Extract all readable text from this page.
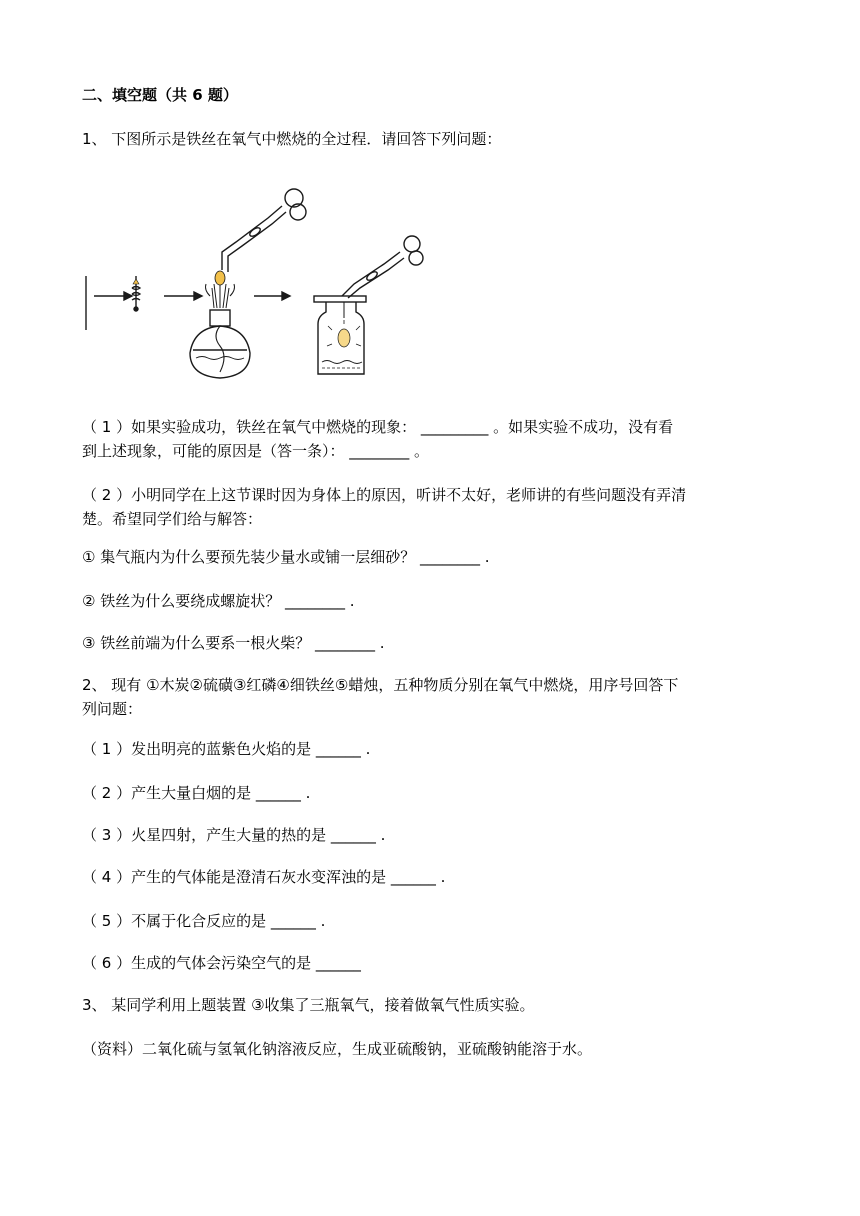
二、填空题（共 6 题）
1、 下图所示是铁丝在氧气中燃烧的全过程．请回答下列问题：
（ 1 ）如果实验成功，铁丝在氧气中燃烧的现象： _________ 。如果实验不成功，没有看
到上述现象，可能的原因是（答一条）： ________ 。
（ 2 ）小明同学在上这节课时因为身体上的原因，听讲不太好，老师讲的有些问题没有弄清
楚。希望同学们给与解答：
① 集气瓶内为什么要预先装少量水或铺一层细砂？ ________ .
② 铁丝为什么要绕成螺旋状？ ________ .
③ 铁丝前端为什么要系一根火柴？ ________ .
2、 现有 ①木炭②硫磺③红磷④细铁丝⑤蜡烛，五种物质分别在氧气中燃烧，用序号回答下
列问题：
（ 1 ）发出明亮的蓝紫色火焰的是 ______ .
（ 2 ）产生大量白烟的是 ______ .
（ 3 ）火星四射，产生大量的热的是 ______ .
（ 4 ）产生的气体能是澄清石灰水变浑浊的是 ______ .
（ 5 ）不属于化合反应的是 ______ .
（ 6 ）生成的气体会污染空气的是 ______
3、 某同学利用上题装置 ③收集了三瓶氧气，接着做氧气性质实验。
（资料）二氧化硫与氢氧化钠溶液反应，生成亚硫酸钠，亚硫酸钠能溶于水。
